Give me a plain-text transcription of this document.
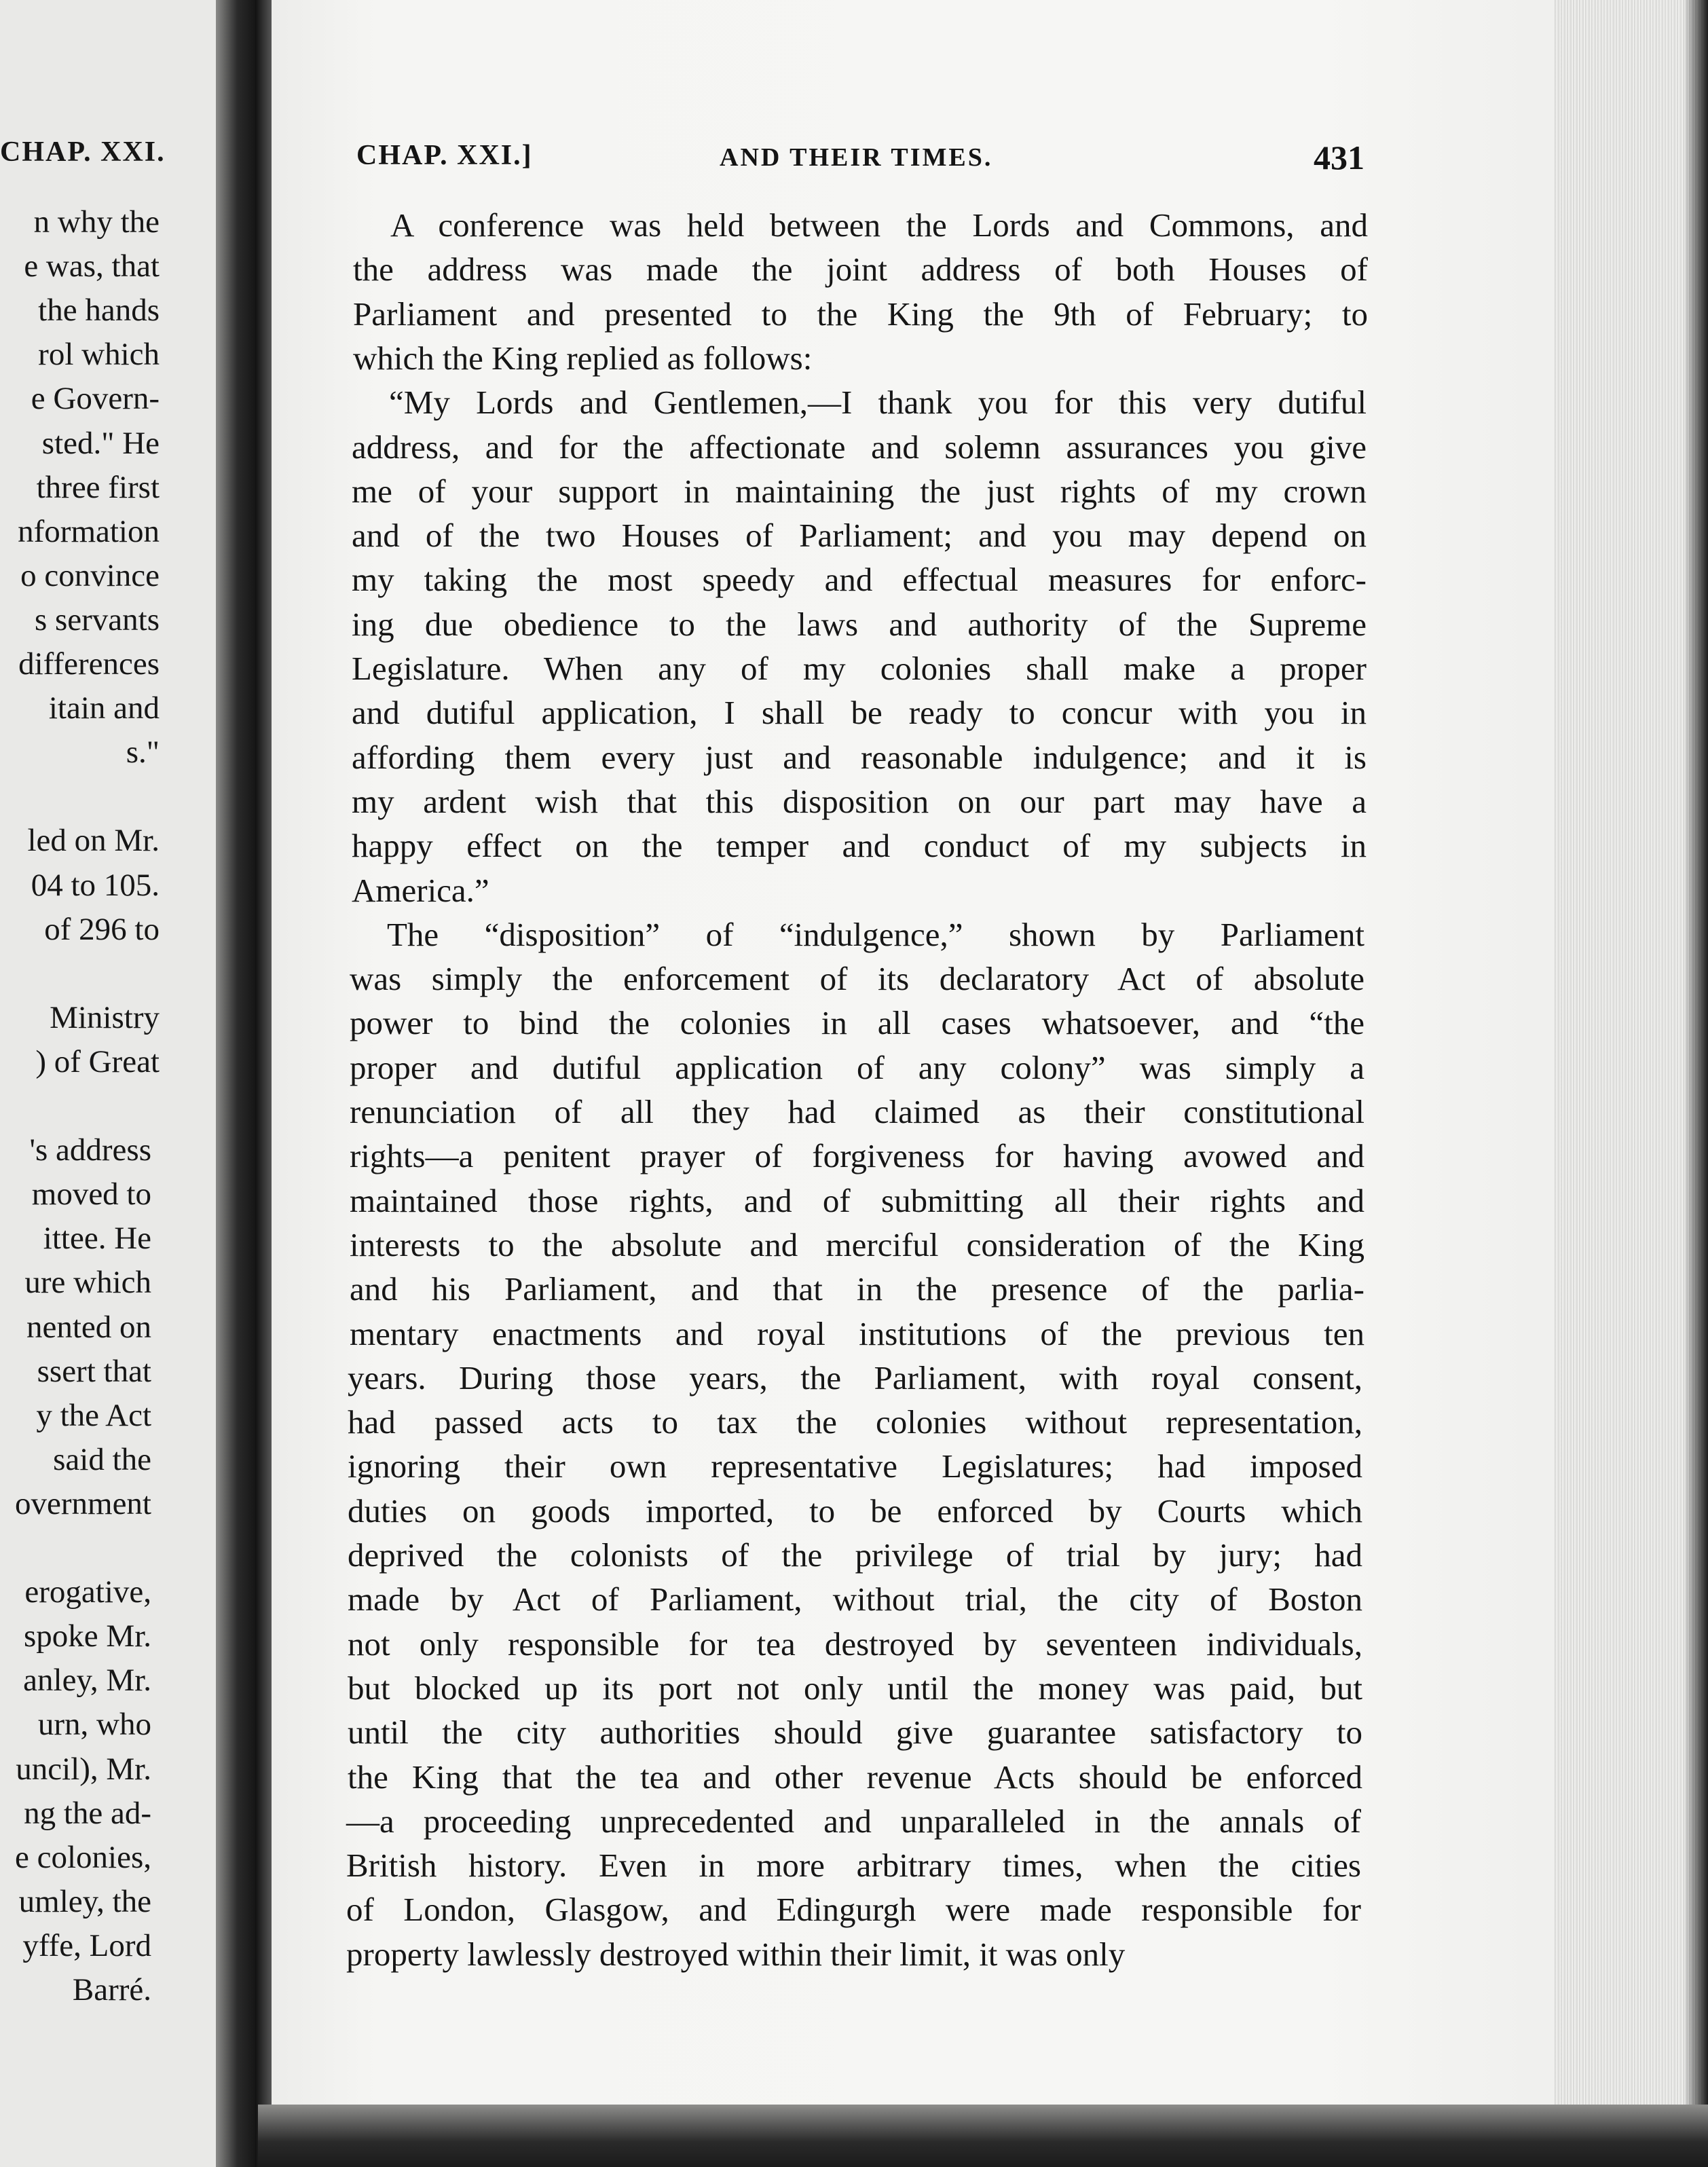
CHAP. XXI.
n why the
e was, that
the hands
rol which
e Govern-
sted." He
three first
nformation
o convince
s servants
differences
itain and
s."
led on Mr.
04 to 105.
of 296 to
Ministry
) of Great
's address
moved to
ittee. He
ure which
nented on
ssert that
y the Act
said the
overnment
erogative,
spoke Mr.
anley, Mr.
urn, who
uncil), Mr.
ng the ad-
e colonies,
umley, the
yffe, Lord
Barré.
CHAP. XXI.]	AND THEIR TIMES.	431
A conference was held between the Lords and Commons, and
the address was made the joint address of both Houses of
Parliament and presented to the King the 9th of February; to
which the King replied as follows:
“My Lords and Gentlemen,—I thank you for this very dutiful
address, and for the affectionate and solemn assurances you give
me of your support in maintaining the just rights of my crown
and of the two Houses of Parliament; and you may depend on
my taking the most speedy and effectual measures for enforc-
ing due obedience to the laws and authority of the Supreme
Legislature. When any of my colonies shall make a proper
and dutiful application, I shall be ready to concur with you in
affording them every just and reasonable indulgence; and it is
my ardent wish that this disposition on our part may have a
happy effect on the temper and conduct of my subjects in
America.”
The “disposition” of “indulgence,” shown by Parliament
was simply the enforcement of its declaratory Act of absolute
power to bind the colonies in all cases whatsoever, and “the
proper and dutiful application of any colony” was simply a
renunciation of all they had claimed as their constitutional
rights—a penitent prayer of forgiveness for having avowed and
maintained those rights, and of submitting all their rights and
interests to the absolute and merciful consideration of the King
and his Parliament, and that in the presence of the parlia-
mentary enactments and royal institutions of the previous ten
years. During those years, the Parliament, with royal consent,
had passed acts to tax the colonies without representation,
ignoring their own representative Legislatures; had imposed
duties on goods imported, to be enforced by Courts which
deprived the colonists of the privilege of trial by jury; had
made by Act of Parliament, without trial, the city of Boston
not only responsible for tea destroyed by seventeen individuals,
but blocked up its port not only until the money was paid, but
until the city authorities should give guarantee satisfactory to
the King that the tea and other revenue Acts should be enforced
—a proceeding unprecedented and unparalleled in the annals of
British history. Even in more arbitrary times, when the cities
of London, Glasgow, and Edingurgh were made responsible for
property lawlessly destroyed within their limit, it was only
